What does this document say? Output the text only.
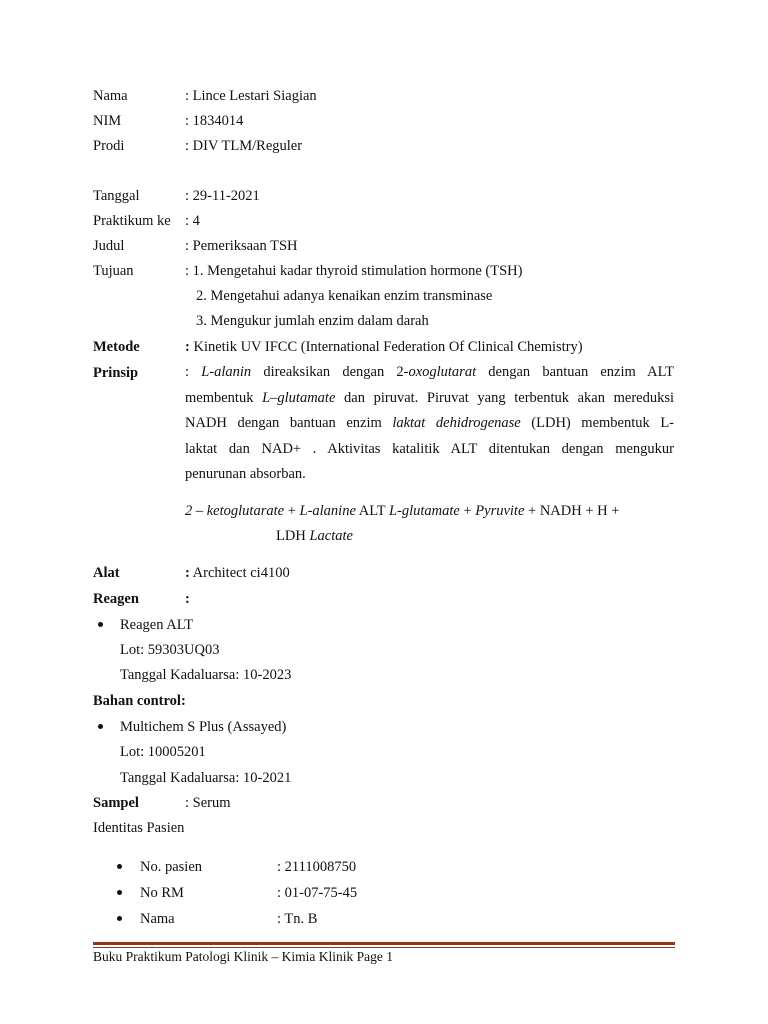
Nama	: Lince Lestari Siagian
NIM	: 1834014
Prodi	: DIV TLM/Reguler
Tanggal	: 29-11-2021
Praktikum ke : 4
Judul	: Pemeriksaan TSH
Tujuan	: 1. Mengetahui kadar thyroid stimulation hormone (TSH)
2. Mengetahui adanya kenaikan enzim transminase
3. Mengukur jumlah enzim dalam darah
Metode	: Kinetik UV IFCC (International Federation Of Clinical Chemistry)
Prinsip	: L-alanin direaksikan dengan 2-oxoglutarat dengan bantuan enzim ALT
membentuk L–glutamate dan piruvat. Piruvat yang terbentuk akan mereduksi
NADH dengan bantuan enzim laktat dehidrogenase (LDH) membentuk L-
laktat dan NAD+ . Aktivitas katalitik ALT ditentukan dengan mengukur
penurunan absorban.
2 – ketoglutarate + L-alanine ALT L-glutamate + Pyruvite + NADH + H +
LDH Lactate
Alat	: Architect ci4100
Reagen	:
Reagen ALT
Lot: 59303UQ03
Tanggal Kadaluarsa: 10-2023
Bahan control:
Multichem S Plus (Assayed)
Lot: 10005201
Tanggal Kadaluarsa: 10-2021
Sampel	: Serum
Identitas Pasien
No. pasien	: 2111008750
No RM	: 01-07-75-45
Nama	: Tn. B
Buku Praktikum Patologi Klinik – Kimia Klinik Page 1
